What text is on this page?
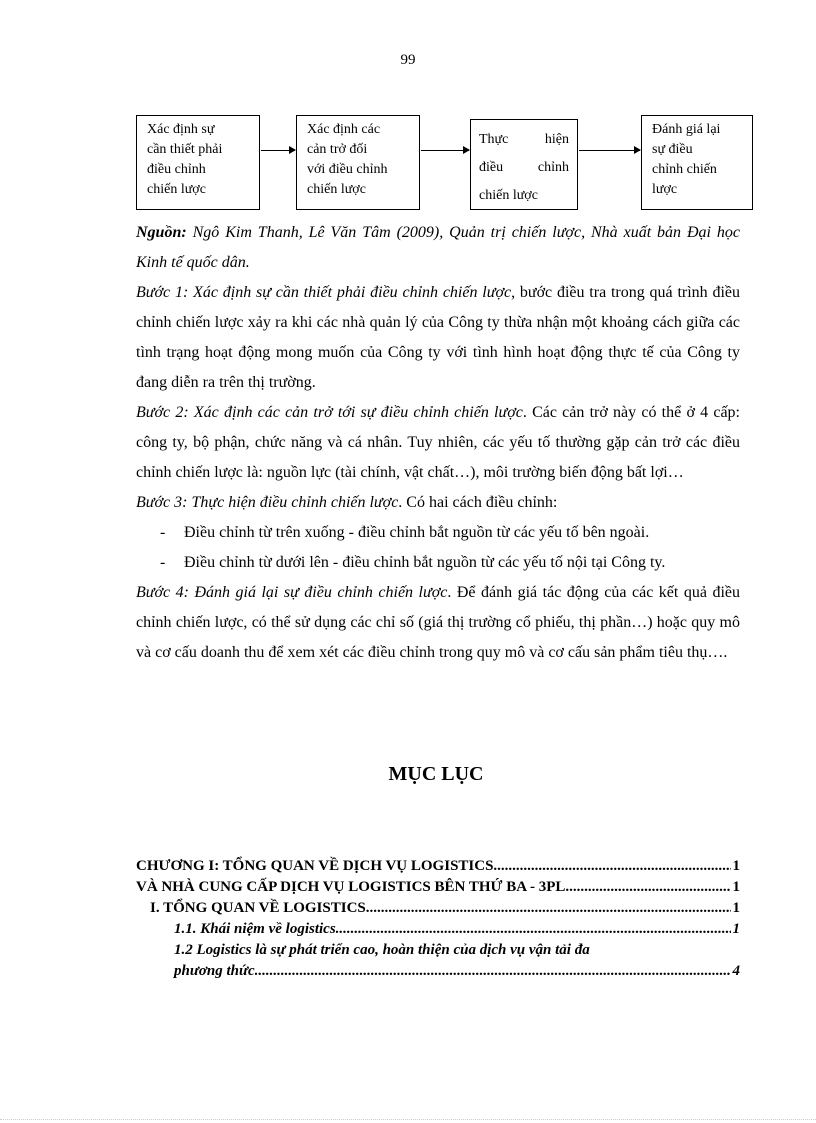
99
Xác định sự
cần thiết phải
điều chỉnh
chiến lược
Xác định các
cản trở đối
với điều chỉnh
chiến lược
Thực hiện
điều chỉnh
chiến lược
Đánh giá lại
sự điều
chỉnh chiến
lược

Nguồn: Ngô Kim Thanh, Lê Văn Tâm (2009), Quản trị chiến lược, Nhà xuất bản Đại học Kinh tế quốc dân.

Bước 1: Xác định sự cần thiết phải điều chỉnh chiến lược, bước điều tra trong quá trình điều chỉnh chiến lược xảy ra khi các nhà quản lý của Công ty thừa nhận một khoảng cách giữa các tình trạng hoạt động mong muốn của Công ty với tình hình hoạt động thực tế của Công ty đang diễn ra trên thị trường.

Bước 2: Xác định các cản trở tới sự điều chỉnh chiến lược. Các cản trở này có thể ở 4 cấp: công ty, bộ phận, chức năng và cá nhân. Tuy nhiên, các yếu tố thường gặp cản trở các điều chỉnh chiến lược là: nguồn lực (tài chính, vật chất…), môi trường biến động bất lợi…

Bước 3: Thực hiện điều chỉnh chiến lược. Có hai cách điều chỉnh:

- Điều chỉnh từ trên xuống - điều chỉnh bắt nguồn từ các yếu tố bên ngoài.
- Điều chỉnh từ dưới lên - điều chỉnh bắt nguồn từ các yếu tố nội tại Công ty.

Bước 4: Đánh giá lại sự điều chỉnh chiến lược. Để đánh giá tác động của các kết quả điều chỉnh chiến lược, có thể sử dụng các chỉ số (giá thị trường cổ phiếu, thị phần…) hoặc quy mô và cơ cấu doanh thu để xem xét các điều chỉnh trong quy mô và cơ cấu sản phẩm tiêu thụ….

MỤC LỤC
CHƯƠNG I: TỔNG QUAN VỀ DỊCH VỤ LOGISTICS .....	1
VÀ NHÀ CUNG CẤP DỊCH VỤ LOGISTICS BÊN THỨ BA - 3PL .....	1
I. TỔNG QUAN VỀ LOGISTICS .....	1
1.1. Khái niệm về logistics .....	1
1.2 Logistics là sự phát triển cao, hoàn thiện của dịch vụ vận tải đa
phương thức .....	4
